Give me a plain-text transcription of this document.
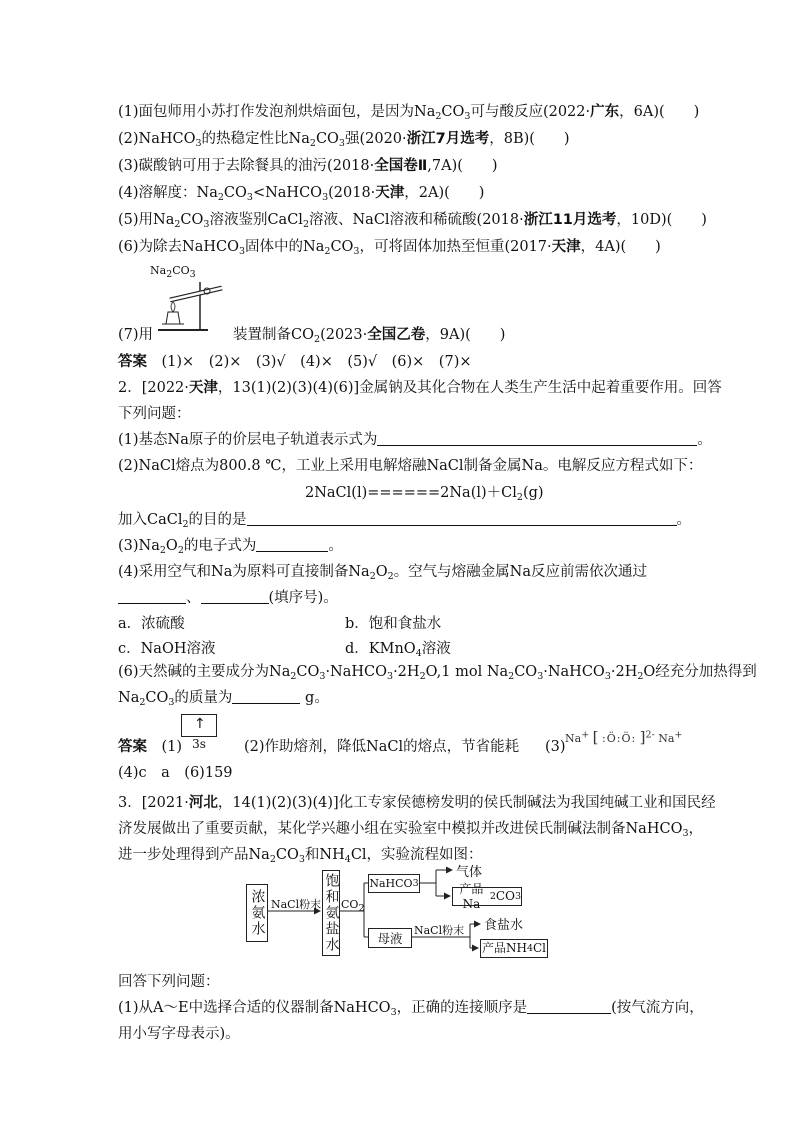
(1)面包师用小苏打作发泡剂烘焙面包，是因为$Na_2CO_3$可与酸反应(2022·广东，6A)(　　)
(2)NaHCO$_3$的热稳定性比$Na_2CO_3$强(2020·浙江7月选考，8B)(　　)
(3)碳酸钠可用于去除餐具的油污(2018·全国卷Ⅱ,7A)(　　)
(4)溶解度：$Na_2CO_3<NaHCO_3(2018\cdot$天津，2A)(　　)
(5)用$Na_2CO_3$溶液鉴别CaCl$_2$溶液、NaCl溶液和稀硫酸(2018·浙江11月选考，10D)(　　)
(6)为除去NaHCO$_3$固体中的$Na_2CO_3$，可将固体加热至恒重(2017·天津，4A)(　　)
$Na_2CO_3$
(7)用	装置制备$CO_2(2023\cdot$全国乙卷，9A)(　　)
答案　 (1)×　(2)×　(3)√　(4)×　(5)√　(6)×　(7)×
2．[2022·天津，13(1)(2)(3)(4)(6)]金属钠及其化合物在人类生产生活中起着重要作用。回答
下列问题：
(1)基态Na原子的价层电子轨道表示式为	。
(2)NaCl熔点为800.8 ℃，工业上采用电解熔融NaCl制备金属Na。电解反应方程式如下：
$2NaCl(l)======2Na(l)+Cl_2(g)$
加入CaCl$_2$的目的是	。
$(3)Na_2O_2$的电子式为	。
(4)采用空气和Na为原料可直接制备$Na_2O_2$。空气与熔融金属Na反应前需依次通过
、	(填序号)。
a．浓硫酸	b．饱和食盐水
c．NaOH溶液	d．KMnO$_4$溶液
(6)天然碱的主要成分为$Na_2CO_3\cdot NaHCO_3\cdot 2H_2O,1$ mol $Na_2CO_3\cdot NaHCO_3\cdot 2H_2O$经充分加热得到
$Na_2CO_3$的质量为	g。
答案　 (1)
↑
3s	(2)作助熔剂，降低NaCl的熔点，节省能耗 (3)
Na+ [ :Ö:Ö: ]$^{2-}$ Na+
(4)c　a　(6)159
3．[2021·河北，14(1)(2)(3)(4)]化工专家侯德榜发明的侯氏制碱法为我国纯碱工业和国民经
济发展做出了重要贡献，某化学兴趣小组在实验室中模拟并改进侯氏制碱法制备NaHCO$_3$，
进一步处理得到产品$Na_2CO_3$和$NH_4Cl$，实验流程如图：
浓氨水 NaCl粉末 饱和氨盐水 $CO_2$
NaHCO 3
气体
产品Na
2 CO 3
母液	NaCl粉末 食盐水
产品NH 4 Cl
回答下列问题：
(1)从A～E中选择合适的仪器制备NaHCO$_3$，正确的连接顺序是	(按气流方向，
用小写字母表示)。
